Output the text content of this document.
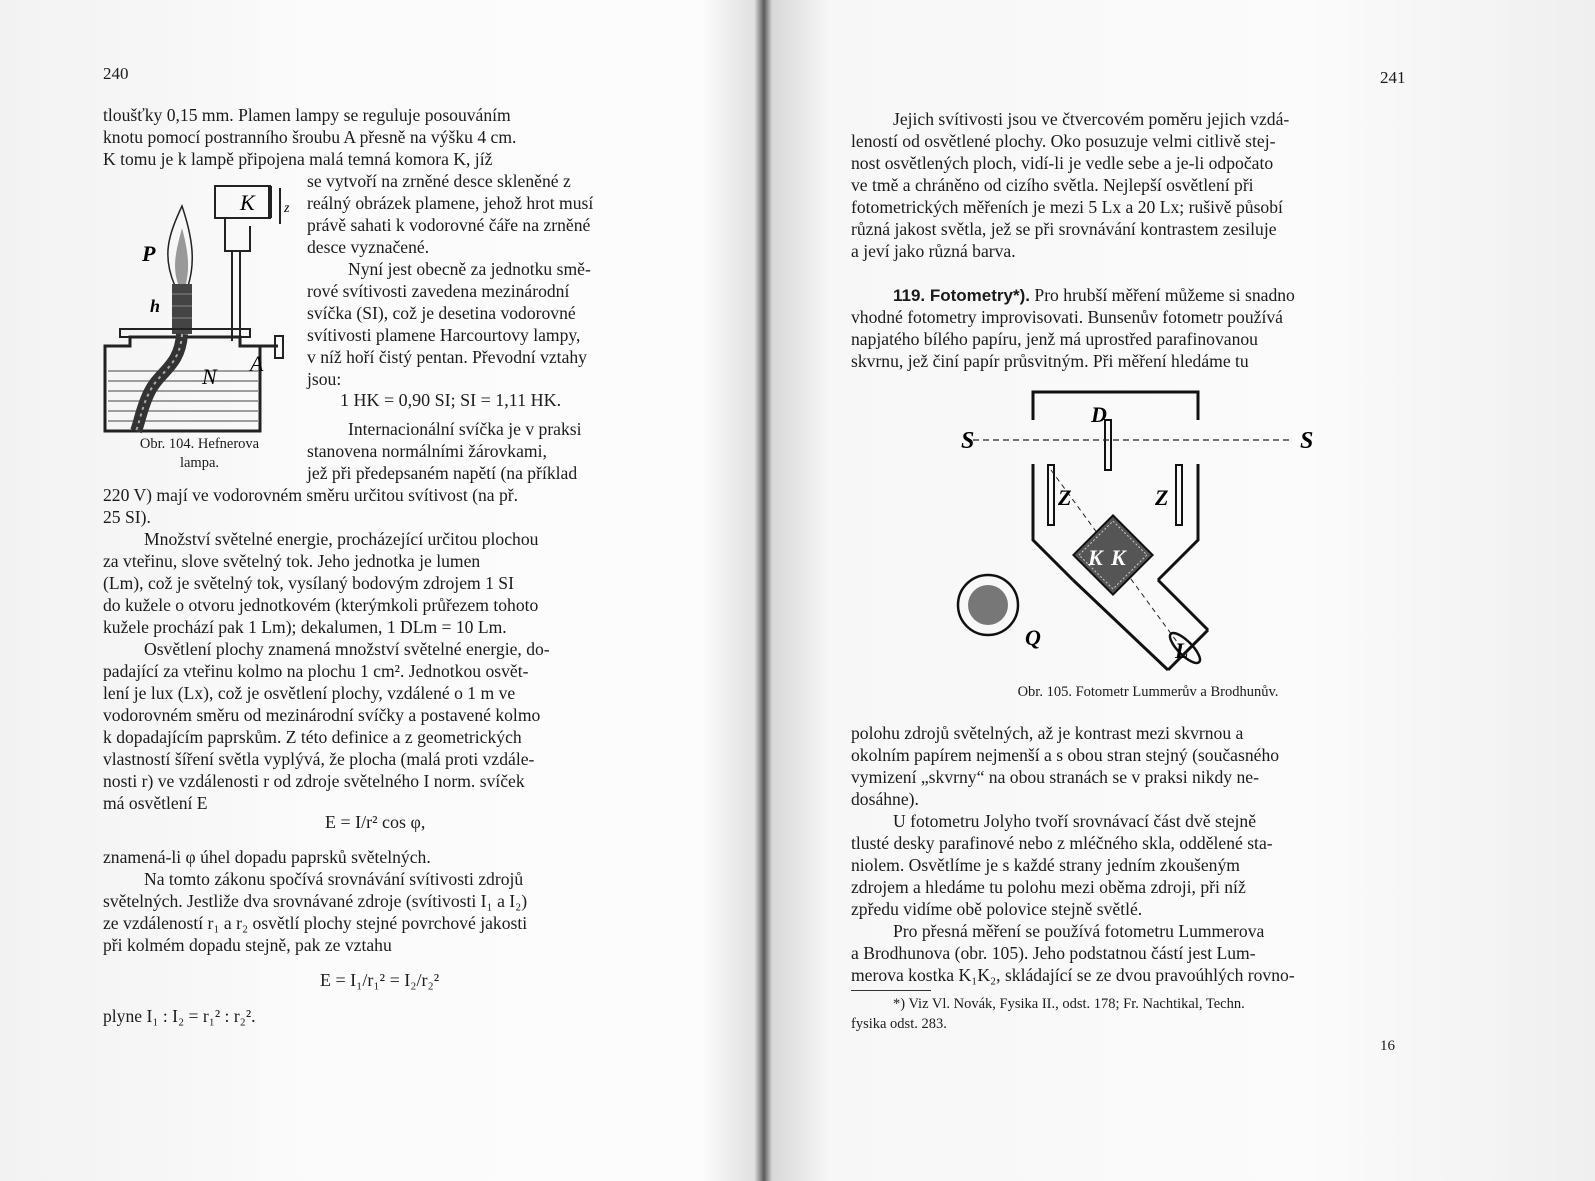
240
tloušťky 0,15 mm. Plamen lampy se reguluje posouváním
knotu pomocí postranního šroubu A přesně na výšku 4 cm.
K tomu je k lampě připojena malá temná komora K, jíž
K z
P
h
A
N
Obr. 104. Hefnerova
lampa.
se vytvoří na zrněné desce skleněné z
reálný obrázek plamene, jehož hrot musí
právě sahati k vodorovné čáře na zrněné
desce vyznačené.
Nyní jest obecně za jednotku smě-
rové svítivosti zavedena mezinárodní
svíčka (SI), což je desetina vodorovné
svítivosti plamene Harcourtovy lampy,
v níž hoří čistý pentan. Převodní vztahy
jsou:
1 HK = 0,90 SI; SI = 1,11 HK.
Internacionální svíčka je v praksi
stanovena normálními žárovkami,
jež při předepsaném napětí (na příklad
220 V) mají ve vodorovném směru určitou svítivost (na př.
25 SI).
Množství světelné energie, procházející určitou plochou
za vteřinu, slove světelný tok. Jeho jednotka je lumen
(Lm), což je světelný tok, vysílaný bodovým zdrojem 1 SI
do kužele o otvoru jednotkovém (kterýmkoli průřezem tohoto
kužele prochází pak 1 Lm); dekalumen, 1 DLm = 10 Lm.
Osvětlení plochy znamená množství světelné energie, do-
padající za vteřinu kolmo na plochu 1 cm². Jednotkou osvět-
lení je lux (Lx), což je osvětlení plochy, vzdálené o 1 m ve
vodorovném směru od mezinárodní svíčky a postavené kolmo
k dopadajícím paprskům. Z této definice a z geometrických
vlastností šíření světla vyplývá, že plocha (malá proti vzdále-
nosti r) ve vzdálenosti r od zdroje světelného I norm. svíček
má osvětlení E
E = I/r² cos φ,
znamená-li φ úhel dopadu paprsků světelných.
Na tomto zákonu spočívá srovnávání svítivosti zdrojů
světelných. Jestliže dva srovnávané zdroje (svítivosti I₁ a I₂)
ze vzdáleností r₁ a r₂ osvětlí plochy stejné povrchové jakosti
při kolmém dopadu stejně, pak ze vztahu
E = I₁/r₁² = I₂/r₂²
plyne I₁ : I₂ = r₁² : r₂².
241
Jejich svítivosti jsou ve čtvercovém poměru jejich vzdá-
leností od osvětlené plochy. Oko posuzuje velmi citlivě stej-
nost osvětlených ploch, vidí-li je vedle sebe a je-li odpočato
ve tmě a chráněno od cizího světla. Nejlepší osvětlení při
fotometrických měřeních je mezi 5 Lx a 20 Lx; rušivě působí
různá jakost světla, jež se při srovnávání kontrastem zesiluje
a jeví jako různá barva.
119. Fotometry*). Pro hrubší měření můžeme si snadno
vhodné fotometry improvisovati. Bunsenův fotometr používá
napjatého bílého papíru, jenž má uprostřed parafinovanou
skvrnu, jež činí papír průsvitným. Při měření hledáme tu
S	S
D
Z	Z
K K
Q
L
Obr. 105. Fotometr Lummerův a Brodhunův.
polohu zdrojů světelných, až je kontrast mezi skvrnou a
okolním papírem nejmenší a s obou stran stejný (současného
vymizení „skvrny“ na obou stranách se v praksi nikdy ne-
dosáhne).
U fotometru Jolyho tvoří srovnávací část dvě stejně
tlusté desky parafinové nebo z mléčného skla, oddělené sta-
niolem. Osvětlíme je s každé strany jedním zkoušeným
zdrojem a hledáme tu polohu mezi oběma zdroji, při níž
zpředu vidíme obě polovice stejně světlé.
Pro přesná měření se používá fotometru Lummerova
a Brodhunova (obr. 105). Jeho podstatnou částí jest Lum-
merova kostka K₁K₂, skládající se ze dvou pravoúhlých rovno-
*) Viz Vl. Novák, Fysika II., odst. 178; Fr. Nachtikal, Techn.
fysika odst. 283.
16
